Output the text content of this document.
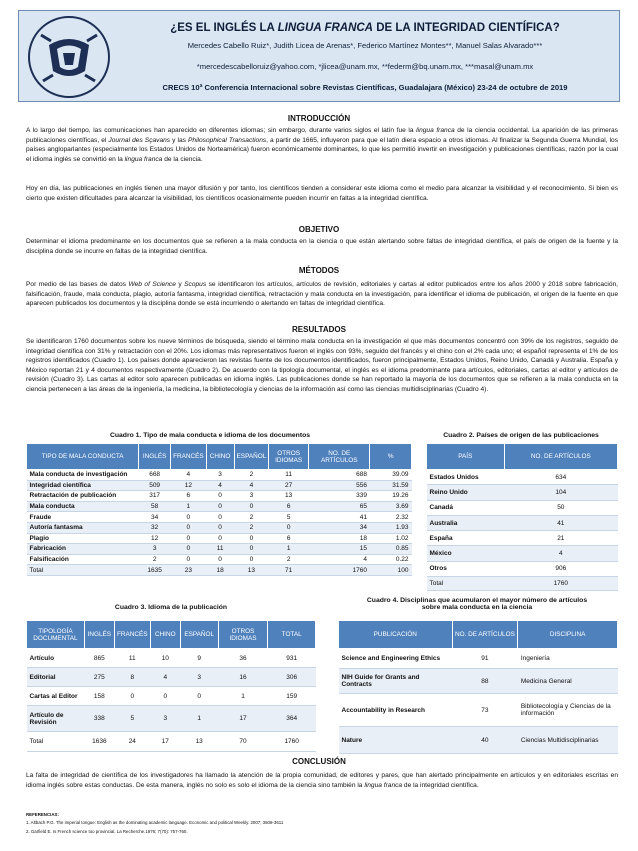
¿ES EL INGLÉS LA LINGUA FRANCA DE LA INTEGRIDAD CIENTÍFICA?
Mercedes Cabello Ruiz*, Judith Licea de Arenas*, Federico Martínez Montes**, Manuel Salas Alvarado***
*mercedescabelloruiz@yahoo.com, *jlicea@unam.mx, **federm@bq.unam.mx, ***masal@unam.mx
CRECS 10ª Conferencia Internacional sobre Revistas Científicas, Guadalajara (México) 23-24 de octubre de 2019
INTRODUCCIÓN
A lo largo del tiempo, las comunicaciones han aparecido en diferentes idiomas; sin embargo, durante varios siglos el latín fue la lingua franca de la ciencia occidental. La aparición de las primeras publicaciones científicas, el Journal des Sçavans y las Philosophical Transactions, a partir de 1665, influyeron para que el latín diera espacio a otros idiomas. Al finalizar la Segunda Guerra Mundial, los países angloparlantes (especialmente los Estados Unidos de Norteamérica) fueron económicamente dominantes, lo que les permitió invertir en investigación y publicaciones científicas, razón por la cual el idioma inglés se convirtió en la lingua franca de la ciencia.
Hoy en día, las publicaciones en inglés tienen una mayor difusión y por tanto, los científicos tienden a considerar este idioma como el medio para alcanzar la visibilidad y el reconocimiento. Si bien es cierto que existen dificultades para alcanzar la visibilidad, los científicos ocasionalmente pueden incurrir en faltas a la integridad científica.
OBJETIVO
Determinar el idioma predominante en los documentos que se refieren a la mala conducta en la ciencia o que están alertando sobre faltas de integridad científica, el país de origen de la fuente y la disciplina donde se incurre en faltas de la integridad científica.
MÉTODOS
Por medio de las bases de datos Web of Science y Scopus se identificaron los artículos, artículos de revisión, editoriales y cartas al editor publicados entre los años 2000 y 2018 sobre fabricación, falsificación, fraude, mala conducta, plagio, autoría fantasma, integridad científica, retractación y mala conducta en la investigación, para identificar el idioma de publicación, el origen de la fuente en que aparecen publicados los documentos y la disciplina donde se está incurriendo o alertando en faltas de integridad científica.
RESULTADOS
Se identificaron 1760 documentos sobre los nueve términos de búsqueda, siendo el término mala conducta en la investigación el que más documentos concentró con 39% de los registros, seguido de integridad científica con 31% y retractación con el 20%. Los idiomas más representativos fueron el inglés con 93%, seguido del francés y el chino con el 2% cada uno; el español representa el 1% de los registros identificados (Cuadro 1). Los países donde aparecieron las revistas fuente de los documentos identificados, fueron principalmente, Estados Unidos, Reino Unido, Canadá y Australia. España y México reportan 21 y 4 documentos respectivamente (Cuadro 2). De acuerdo con la tipología documental, el inglés es el idioma predominante para artículos, editoriales, cartas al editor y artículos de revisión (Cuadro 3). Las cartas al editor solo aparecen publicadas en idioma inglés. Las publicaciones donde se han reportado la mayoría de los documentos que se refieren a la mala conducta en la ciencia pertenecen a las áreas de la ingeniería, la medicina, la bibliotecología y ciencias de la información así como las ciencias multidisciplinarias (Cuadro 4).
Cuadro 1. Tipo de mala conducta e idioma de los documentos
TIPO DE MALA CONDUCTA	INGLÉS	FRANCÉS	CHINO	ESPAÑOL	OTROS IDIOMAS	NO. DE ARTÍCULOS	%
Mala conducta de investigación	668	4	3	2	11	688	39.09
Integridad científica	509	12	4	4	27	556	31.59
Retractación de publicación	317	6	0	3	13	339	19.26
Mala conducta	58	1	0	0	6	65	3.69
Fraude	34	0	0	2	5	41	2.32
Autoría fantasma	32	0	0	2	0	34	1.93
Plagio	12	0	0	0	6	18	1.02
Fabricación	3	0	11	0	1	15	0.85
Falsificación	2	0	0	0	2	4	0.22
Total	1635	23	18	13	71	1760	100
Cuadro 2. Países de origen de las publicaciones
PAÍS	NO. DE ARTÍCULOS
Estados Unidos	634
Reino Unido	104
Canadá	50
Australia	41
España	21
México	4
Otros	906
Total	1760
Cuadro 3. Idioma de la publicación
TIPOLOGÍA DOCUMENTAL	INGLÉS	FRANCÉS	CHINO	ESPAÑOL	OTROS IDIOMAS	TOTAL
Artículo	865	11	10	9	36	931
Editorial	275	8	4	3	16	306
Cartas al Editor	158	0	0	0	1	159
Artículo de Revisión	338	5	3	1	17	364
Total	1636	24	17	13	70	1760
Cuadro 4. Disciplinas que acumularon el mayor número de artículos
sobre mala conducta en la ciencia
PUBLICACIÓN	NO. DE ARTÍCULOS	DISCIPLINA
Science and Engineering Ethics	91	Ingeniería
NIH Guide for Grants and Contracts	88	Medicina General
Accountability in Research	73	Bibliotecología y Ciencias de la información
Nature	40	Ciencias Multidisciplinarias
CONCLUSIÓN
La falta de integridad de científica de los investigadores ha llamado la atención de la propia comunidad, de editores y pares, que han alertado principalmente en artículos y en editoriales escritas en idioma inglés sobre estas conductas. De esta manera, inglés no solo es solo el idioma de la ciencia sino también la lingua franca de la integridad científica.
REFERENCIAS:
1. Altbach P.G. The imperial tongue: English as the dominating academic language. Economic and political Weekly. 2007; 3608-3611
2. Garfield E. Is French science too provincial. La Recherche.1976; 7(70): 757-760.
